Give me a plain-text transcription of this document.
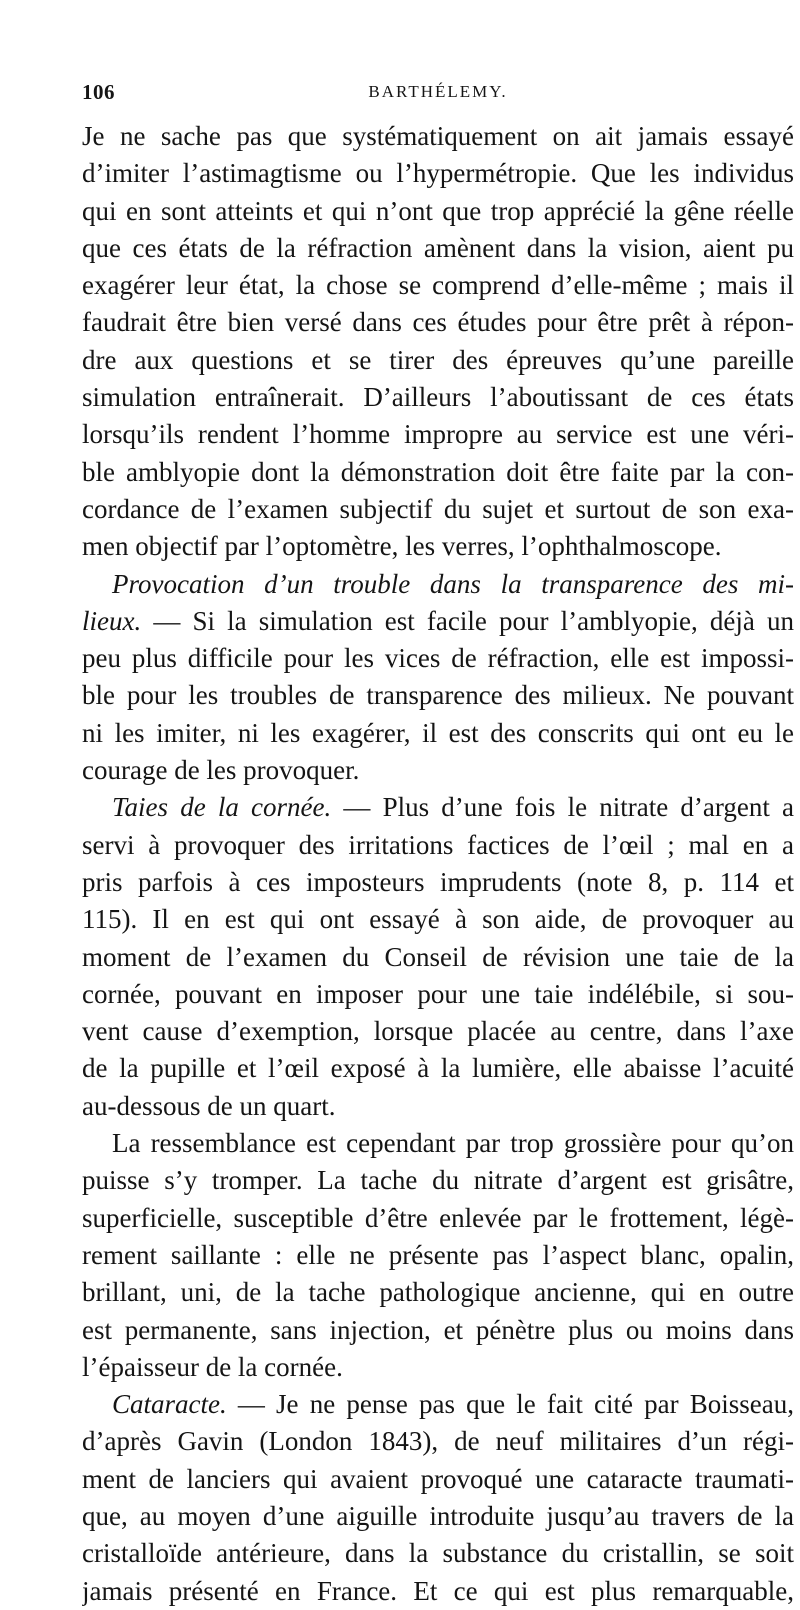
106	BARTHÉLEMY.
Je ne sache pas que systématiquement on ait jamais essayé
d’imiter l’astimagtisme ou l’hypermétropie. Que les individus
qui en sont atteints et qui n’ont que trop apprécié la gêne réelle
que ces états de la réfraction amènent dans la vision, aient pu
exagérer leur état, la chose se comprend d’elle-même ; mais il
faudrait être bien versé dans ces études pour être prêt à répon-
dre aux questions et se tirer des épreuves qu’une pareille
simulation entraînerait. D’ailleurs l’aboutissant de ces états
lorsqu’ils rendent l’homme impropre au service est une véri-
ble amblyopie dont la démonstration doit être faite par la con-
cordance de l’examen subjectif du sujet et surtout de son exa-
men objectif par l’optomètre, les verres, l’ophthalmoscope.
Provocation d’un trouble dans la transparence des mi-
lieux. — Si la simulation est facile pour l’amblyopie, déjà un
peu plus difficile pour les vices de réfraction, elle est impossi-
ble pour les troubles de transparence des milieux. Ne pouvant
ni les imiter, ni les exagérer, il est des conscrits qui ont eu le
courage de les provoquer.
Taies de la cornée. — Plus d’une fois le nitrate d’argent a
servi à provoquer des irritations factices de l’œil ; mal en a
pris parfois à ces imposteurs imprudents (note 8, p. 114 et
115). Il en est qui ont essayé à son aide, de provoquer au
moment de l’examen du Conseil de révision une taie de la
cornée, pouvant en imposer pour une taie indélébile, si sou-
vent cause d’exemption, lorsque placée au centre, dans l’axe
de la pupille et l’œil exposé à la lumière, elle abaisse l’acuité
au-dessous de un quart.
La ressemblance est cependant par trop grossière pour qu’on
puisse s’y tromper. La tache du nitrate d’argent est grisâtre,
superficielle, susceptible d’être enlevée par le frottement, légè-
rement saillante : elle ne présente pas l’aspect blanc, opalin,
brillant, uni, de la tache pathologique ancienne, qui en outre
est permanente, sans injection, et pénètre plus ou moins dans
l’épaisseur de la cornée.
Cataracte. — Je ne pense pas que le fait cité par Boisseau,
d’après Gavin (London 1843), de neuf militaires d’un régi-
ment de lanciers qui avaient provoqué une cataracte traumati-
que, au moyen d’une aiguille introduite jusqu’au travers de la
cristalloïde antérieure, dans la substance du cristallin, se soit
jamais présenté en France. Et ce qui est plus remarquable,
